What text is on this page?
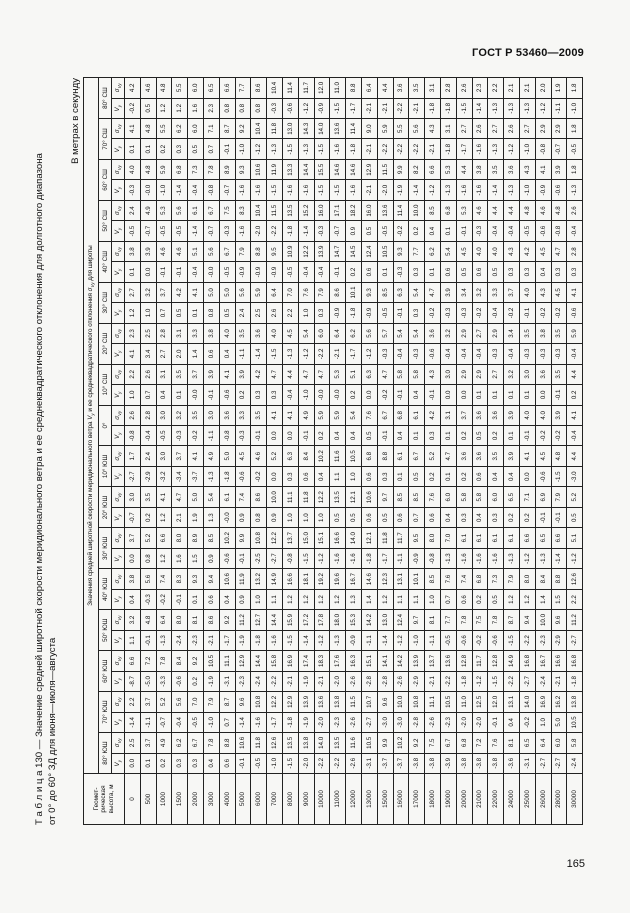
ГОСТ Р 53460—2009
Т а б л и ц а 130 — Значение средней широтной скорости меридионального ветра и ее среднеквадратического отклонения для долготного диапазона от 0° до 60° ЗД для июня—июля—августа
В метрах в секунду
Геомет-рическая высота, м	Значения средней широтной скорости меридионального ветра $V_y$ и ее среднеквадратического отклонения $\sigma_{Vy}$ для широты																																	
	80° ЮШ		70° ЮШ		60° ЮШ		50° ЮШ		40° ЮШ		30° ЮШ		20° ЮШ		10° ЮШ		0°		10° СШ		20° СШ		30° СШ		40° СШ		50° СШ		60° СШ		70° СШ		80° СШ	
	$V_y$	$\sigma_{Vy}$	$V_y$	$\sigma_{Vy}$	$V_y$	$\sigma_{Vy}$	$V_y$	$\sigma_{Vy}$	$V_y$	$\sigma_{Vy}$	$V_y$	$\sigma_{Vy}$	$V_y$	$\sigma_{Vy}$	$V_y$	$\sigma_{Vy}$	$V_y$	$\sigma_{Vy}$	$V_y$	$\sigma_{Vy}$	$V_y$	$\sigma_{Vy}$	$V_y$	$\sigma_{Vy}$	$V_y$	$\sigma_{Vy}$	$V_y$	$\sigma_{Vy}$	$V_y$	$\sigma_{Vy}$	$V_y$	$\sigma_{Vy}$	$V_y$	$\sigma_{Vy}$
0	0.0	2.5	-1.4	2.2	-8.7	6.6	1.1	3.2	0.4	3.8	0.0	3.7	-0.7	3.0	-2.7	1.7	-0.8	2.6	1.0	2.2	4.1	2.3	1.2	2.7	0.1	3.8	-0.5	2.4	-0.3	4.0	0.1	4.1	-0.2	4.2
500	0.1	3.7	-1.1	3.7	-5.0	7.2	-0.1	4.8	-0.3	5.6	0.8	5.2	0.2	3.5	-2.9	2.4	-0.4	2.8	0.7	2.6	3.4	2.5	1.0	3.2	0.0	3.9	-0.7	4.9	-0.0	4.8	0.1	4.8	0.5	4.6
1000	0.2	4.9	-0.7	5.2	-3.3	7.8	-1.3	6.4	-0.2	7.4	1.2	6.6	1.2	4.1	-3.2	3.0	-0.5	3.0	0.4	3.1	2.7	2.8	0.7	3.7	-0.1	4.6	-0.5	5.3	-1.0	5.9	0.2	5.5	1.2	4.8
1500	0.3	6.2	-0.4	5.6	-0.6	8.4	-2.4	8.0	-0.1	8.3	1.6	8.0	2.1	4.7	-3.4	3.7	-0.3	3.2	0.1	3.5	2.0	3.1	0.5	4.2	-0.1	4.6	-0.5	5.6	-1.4	6.8	0.3	6.2	1.2	5.5
2000	0.3	6.7	-0.5	7.0	0.2	9.2	-2.3	8.1	0.1	9.3	1.5	8.9	1.9	5.0	-3.7	4.1	-0.2	3.5	-0.0	3.7	1.4	3.3	0.1	4.1	-0.4	5.1	-1.4	6.1	-0.4	7.3	0.5	6.0	1.6	6.0
3000	0.4	7.8	-1.0	7.9	-1.9	10.5	-2.1	8.6	0.6	9.4	0.9	8.5	1.3	5.4	-1.3	4.9	-1.1	3.0	-0.1	3.9	0.6	3.8	0.8	5.0	-0.0	5.6	-0.7	6.7	-0.8	7.8	0.7	7.1	2.3	6.5
4000	0.6	8.8	0.7	8.7	-3.1	11.1	-1.7	9.2	0.4	10.6	-0.6	10.2	-0.0	6.1	-1.8	5.0	-0.8	3.6	-0.6	4.1	0.4	4.0	0.5	5.0	-0.5	6.7	-0.3	7.5	-0.7	8.9	-0.1	8.7	0.8	6.6
5000	-0.1	10.6	-1.4	9.6	-2.3	12.9	-1.9	11.2	0.9	11.9	-0.1	9.9	0.9	7.4	-0.6	4.5	-0.3	3.3	0.2	3.9	-1.1	3.5	2.4	5.6	-0.9	7.9	-1.6	8.3	-1.6	9.3	-1.0	9.2	0.8	7.7
6000	-0.5	11.8	-1.6	10.8	-2.4	14.4	-1.8	12.7	1.0	13.2	-2.5	10.8	0.8	8.6	-0.2	4.6	-0.1	3.5	0.3	4.2	-1.4	3.6	2.5	5.9	-0.9	8.8	-2.0	10.4	-1.6	10.6	-1.2	10.4	0.8	8.6
7000	-1.0	12.6	-1.7	12.2	-2.2	15.8	-1.6	14.4	1.1	14.9	-2.7	12.2	0.9	10.0	0.0	5.2	0.0	4.1	0.3	4.7	-1.5	4.0	2.6	6.4	-0.9	9.5	-2.2	11.5	-1.5	11.9	-1.3	11.8	-0.3	10.4
8000	-1.5	13.5	-1.8	12.9	-2.1	16.9	-1.5	15.9	1.2	16.6	-0.8	13.7	1.0	11.1	0.3	6.3	0.0	4.1	-0.4	4.4	-1.3	4.5	2.2	7.0	-0.5	10.9	-1.8	13.5	-1.6	13.3	-1.5	13.0	-0.6	11.4
9000	-2.0	13.8	-1.9	13.9	-1.9	17.4	-1.4	17.2	1.2	18.1	-1.5	15.0	1.0	11.8	0.6	8.4	-0.1	4.9	-1.0	4.7	-1.2	5.4	1.0	7.6	-0.4	12.2	-1.4	15.2	-1.6	14.4	-1.3	14.3	-1.2	11.7
10000	-2.2	14.0	-2.0	13.6	-2.1	18.3	-1.2	17.8	1.2	19.2	-1.2	15.1	1.0	12.2	0.4	10.2	0.2	5.9	-0.0	4.7	-2.2	6.0	0.3	7.9	-0.4	13.9	-0.3	16.0	-1.5	15.5	-1.5	14.0	-0.9	12.0
11000	-2.2	13.5	-2.3	13.8	-2.0	17.6	-1.3	18.0	1.2	19.6	-1.6	16.6	0.5	13.5	1.1	11.6	0.4	5.9	-0.0	5.3	-2.1	6.4	-0.9	8.6	-0.1	14.7	-0.7	17.1	-1.5	14.6	-1.6	13.6	-1.5	11.0
12000	-2.6	11.6	-2.6	11.5	-2.6	16.3	-0.9	15.3	1.3	16.7	-1.6	14.0	0.5	12.1	1.0	10.5	0.4	5.4	0.2	5.1	-1.7	6.2	-1.8	10.1	0.2	14.5	0.9	18.2	-1.6	14.6	-1.8	11.4	-1.7	8.8
13000	-3.1	10.5	-2.7	10.7	-2.8	15.1	-1.1	14.2	1.4	14.6	-1.8	12.1	0.6	10.6	0.6	6.8	0.5	7.6	0.0	6.3	-1.2	5.6	-0.9	9.3	0.6	12.4	0.5	16.0	-2.1	12.9	-2.1	9.0	-2.1	6.4
15000	-3.7	9.9	-3.0	9.6	-2.8	14.1	-1.4	13.0	1.2	12.3	-1.7	11.8	0.5	9.7	0.3	8.8	-0.1	6.7	-0.2	4.7	-0.3	5.7	-0.5	8.5	0.1	10.5	-0.5	13.6	-2.0	11.5	-2.2	5.9	-2.1	4.4
16000	-3.7	10.2	-3.0	10.0	-2.6	14.2	-1.2	12.4	1.1	13.1	-1.1	11.7	0.6	8.5	0.1	6.1	0.4	6.8	-0.1	5.8	-0.4	5.4	-0.1	6.3	-0.3	9.3	-0.2	11.4	-1.9	9.9	-2.2	5.5	-2.2	3.6
17000	-3.8	9.2	-2.8	10.8	-2.9	13.9	-1.0	9.7	1.1	10.1	-0.9	9.5	0.7	8.5	0.5	6.7	0.1	6.1	0.4	5.8	-0.3	5.4	0.3	5.4	0.3	7.7	0.2	10.0	-1.4	8.2	-2.2	5.6	-2.1	3.5
18000	-3.8	7.5	-2.6	11.1	-2.1	13.7	-1.1	8.1	1.0	8.5	-0.8	8.0	0.6	7.6	0.2	5.2	0.3	4.2	-0.1	4.3	-0.6	3.6	-0.2	4.7	0.1	6.2	0.4	8.5	-1.2	6.6	-2.1	4.3	-1.8	3.1
19000	-3.9	6.7	-2.3	10.5	-2.2	13.6	-0.5	7.7	0.7	7.6	-1.3	7.0	0.4	6.0	0.1	4.7	0.1	3.1	0.0	3.0	-0.4	3.2	-0.3	3.9	0.6	5.4	0.1	6.8	-1.3	5.3	-1.8	3.1	-1.8	2.8
20000	-3.8	6.8	-2.0	11.0	-1.8	12.8	-0.6	7.8	0.6	7.4	-1.6	6.1	0.3	5.8	0.2	3.6	0.2	3.7	0.0	2.9	-0.4	2.9	-0.3	3.4	0.5	4.5	-0.1	5.3	-1.6	4.4	-1.7	2.7	-1.5	2.6
21000	-3.8	7.2	-2.0	12.5	-1.2	11.7	-0.2	7.5	0.2	6.8	-1.6	6.1	0.4	5.8	0.6	3.6	0.5	3.6	0.1	2.9	-0.4	2.7	-0.2	3.2	0.6	4.0	-0.3	4.6	-1.6	3.8	-1.6	2.6	-1.4	2.3
22000	-3.8	7.6	-0.1	12.0	-1.5	12.8	-0.6	7.8	0.5	7.3	-1.6	6.1	0.3	6.0	0.4	3.5	0.2	3.6	0.1	2.7	-0.3	2.9	-0.4	3.3	0.5	4.0	-0.4	4.4	-1.4	3.5	-1.3	2.7	-1.3	2.2
24000	-3.6	8.1	0.4	13.1	-2.2	14.9	-1.5	8.7	1.2	7.9	-1.3	6.1	0.2	6.5	0.4	3.9	0.1	3.9	0.1	3.2	-0.4	3.4	-0.2	3.7	0.3	4.3	-0.4	4.4	-1.3	3.6	-1.2	2.6	-1.3	2.1
25000	-3.1	6.5	-0.2	14.0	-2.7	16.8	-2.2	9.4	1.2	8.0	-1.2	6.6	0.2	7.1	0.0	4.1	-0.1	4.0	0.1	3.0	-0.3	3.5	-0.1	4.0	0.3	4.2	-0.5	4.8	-1.0	4.3	-1.0	2.7	-1.3	2.1
26000	-2.7	6.4	1.0	16.9	-2.4	16.7	-2.3	10.0	1.4	8.4	-1.3	6.5	-0.1	6.9	-0.6	4.5	-0.2	4.0	0.0	3.6	-0.3	3.8	-0.2	4.3	0.4	4.5	-0.6	4.6	-0.9	4.1	-0.8	2.9	-1.2	2.0
28000	-2.7	6.0	5.0	16.2	-2.1	16.6	-2.9	9.6	1.5	8.8	-1.4	6.6	-0.1	7.9	-1.5	4.8	-0.2	3.9	-0.1	3.5	-0.3	3.5	-0.2	4.5	0.3	4.7	-0.8	4.8	-0.6	3.9	-0.7	2.9	-1.1	1.9
30000	-2.4	5.8	10.5	13.8	-1.8	16.8	-2.7	11.2	2.2	12.6	-1.2	5.1	0.5	5.2	-3.0	4.4	-0.4	4.1	0.2	4.4	-0.4	5.9	-0.6	4.1	0.3	2.8	-0.4	2.6	-1.3	1.8	-0.5	1.8	-1.0	1.8
165
